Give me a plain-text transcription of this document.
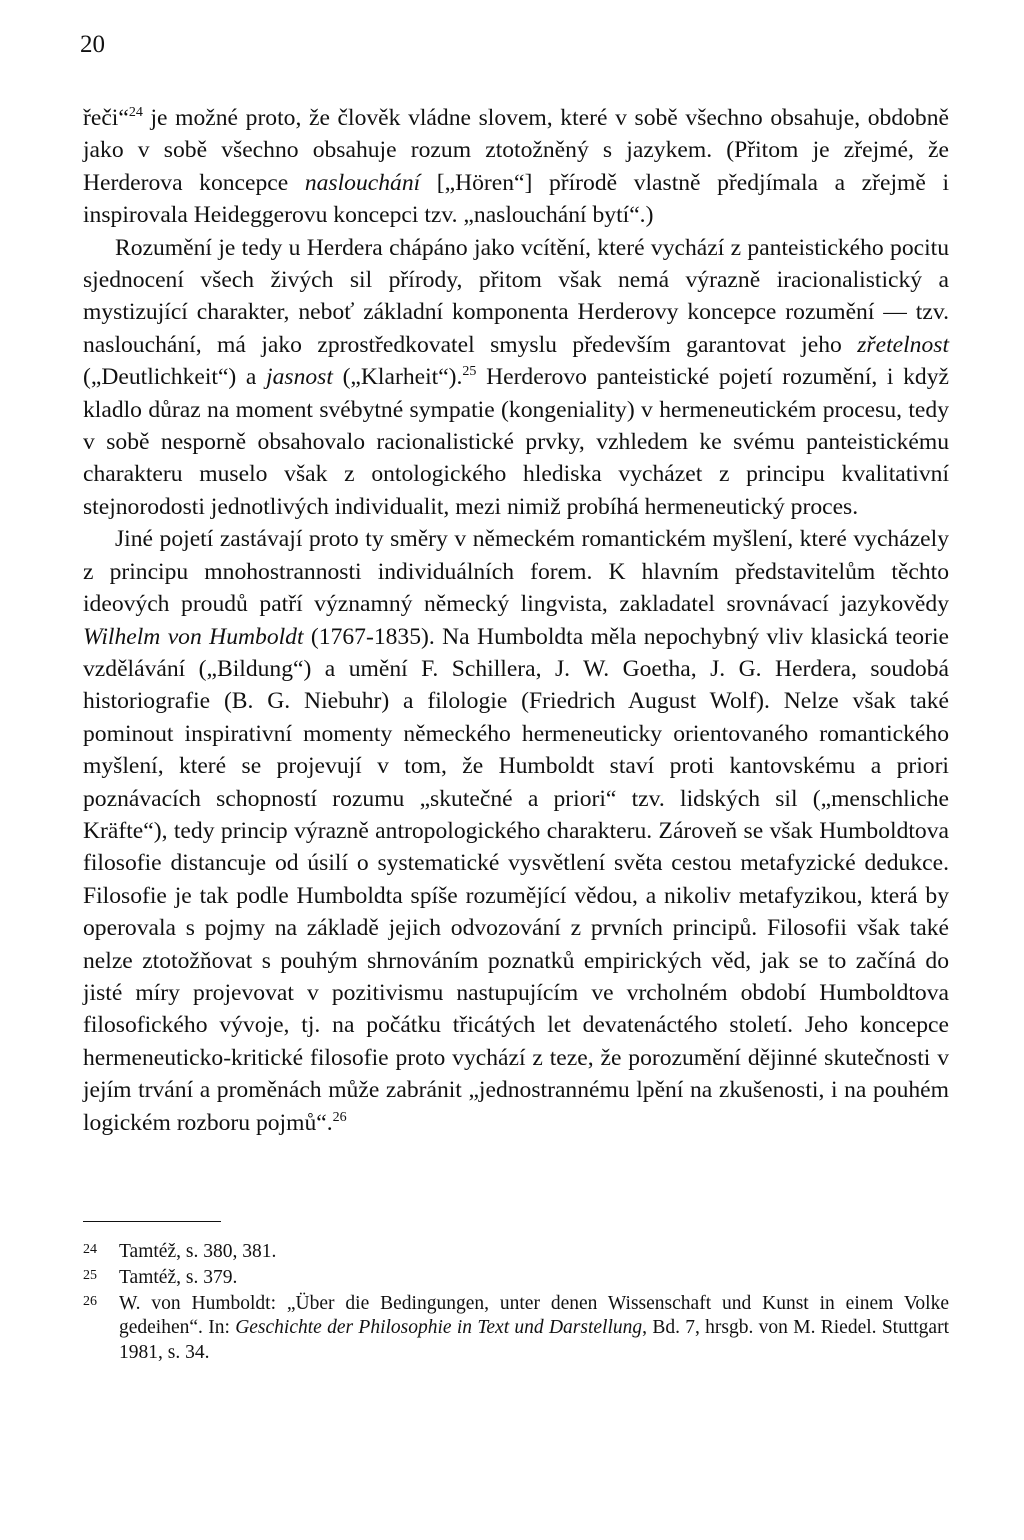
20

řeči“$^{24}$ je možné proto, že člověk vládne slovem, které v sobě všechno obsahuje, obdobně jako v sobě všechno obsahuje rozum ztotožněný s jazykem. (Přitom je zřejmé, že Herderova koncepce naslouchání [„Hören“] přírodě vlastně předjímala a zřejmě i inspirovala Heideggerovu koncepci tzv. „naslouchání bytí“.)

Rozumění je tedy u Herdera chápáno jako vcítění, které vychází z panteistického pocitu sjednocení všech živých sil přírody, přitom však nemá výrazně iracionalistický a mystizující charakter, neboť základní komponenta Herderovy koncepce rozumění — tzv. naslouchání, má jako zprostředkovatel smyslu především garantovat jeho zřetelnost („Deutlichkeit“) a jasnost („Klarheit“).$^{25}$ Herderovo panteistické pojetí rozumění, i když kladlo důraz na moment svébytné sympatie (kongeniality) v hermeneutickém procesu, tedy v sobě nesporně obsahovalo racionalistické prvky, vzhledem ke svému panteistickému charakteru muselo však z ontologického hlediska vycházet z principu kvalitativní stejnorodosti jednotlivých individualit, mezi nimiž probíhá hermeneutický proces.

Jiné pojetí zastávají proto ty směry v německém romantickém myšlení, které vycházely z principu mnohostrannosti individuálních forem. K hlavním představitelům těchto ideových proudů patří významný německý lingvista, zakladatel srovnávací jazykovědy Wilhelm von Humboldt (1767-1835). Na Humboldta měla nepochybný vliv klasická teorie vzdělávání („Bildung“) a umění F. Schillera, J. W. Goetha, J. G. Herdera, soudobá historiografie (B. G. Niebuhr) a filologie (Friedrich August Wolf). Nelze však také pominout inspirativní momenty německého hermeneuticky orientovaného romantického myšlení, které se projevují v tom, že Humboldt staví proti kantovskému a priori poznávacích schopností rozumu „skutečné a priori“ tzv. lidských sil („menschliche Kräfte“), tedy princip výrazně antropologického charakteru. Zároveň se však Humboldtova filosofie distancuje od úsilí o systematické vysvětlení světa cestou metafyzické dedukce. Filosofie je tak podle Humboldta spíše rozumějící vědou, a nikoliv metafyzikou, která by operovala s pojmy na základě jejich odvozování z prvních principů. Filosofii však také nelze ztotožňovat s pouhým shrnováním poznatků empirických věd, jak se to začíná do jisté míry projevovat v pozitivismu nastupujícím ve vrcholném období Humboldtova filosofického vývoje, tj. na počátku třicátých let devatenáctého století. Jeho koncepce hermeneuticko-kritické filosofie proto vychází z teze, že porozumění dějinné skutečnosti v jejím trvání a proměnách může zabránit „jednostrannému lpění na zkušenosti, i na pouhém logickém rozboru pojmů“.$^{26}$

24	Tamtéž, s. 380, 381.
25	Tamtéž, s. 379.
26	W. von Humboldt: „Über die Bedingungen, unter denen Wissenschaft und Kunst in einem Volke gedeihen“. In: Geschichte der Philosophie in Text und Darstellung, Bd. 7, hrsgb. von M. Riedel. Stuttgart 1981, s. 34.
